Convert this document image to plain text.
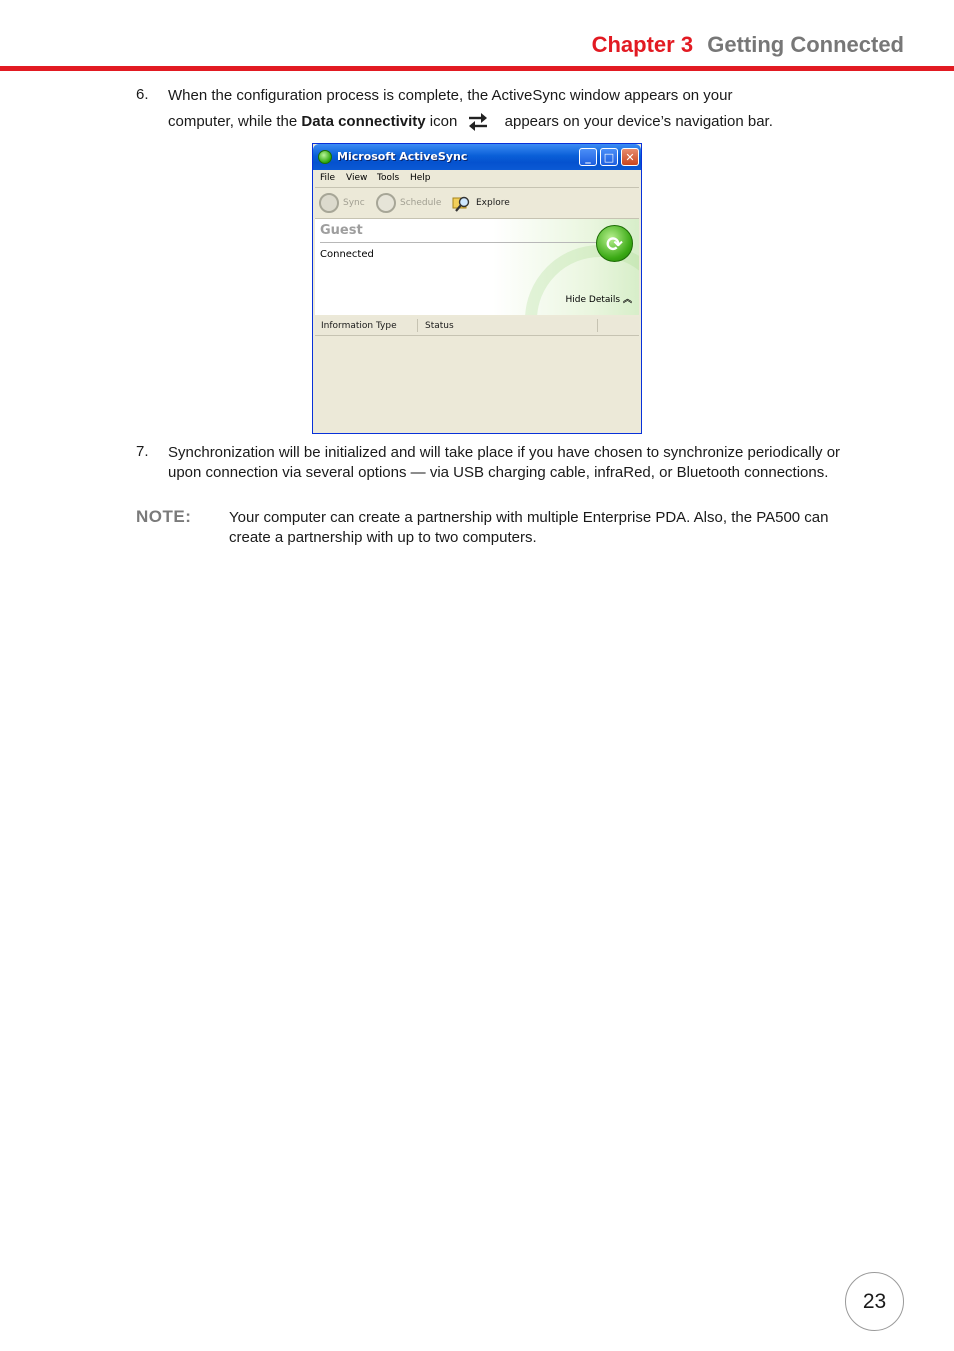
Chapter 3 Getting Connected
6. When the configuration process is complete, the ActiveSync window appears on your
computer, while the Data connectivity icon	appears on your device’s navigation bar.
Microsoft ActiveSync	_	□	✕
File View Tools Help
Sync	Schedule	Explore
Guest
Connected	⟳
Hide Details ︽
Information Type	Status
7. Synchronization will be initialized and will take place if you have chosen to synchronize periodically or upon connection via several options — via USB charging cable, infraRed, or Bluetooth connections.
NOTE:	Your computer can create a partnership with multiple Enterprise PDA. Also, the PA500 can create a partnership with up to two computers.
23
